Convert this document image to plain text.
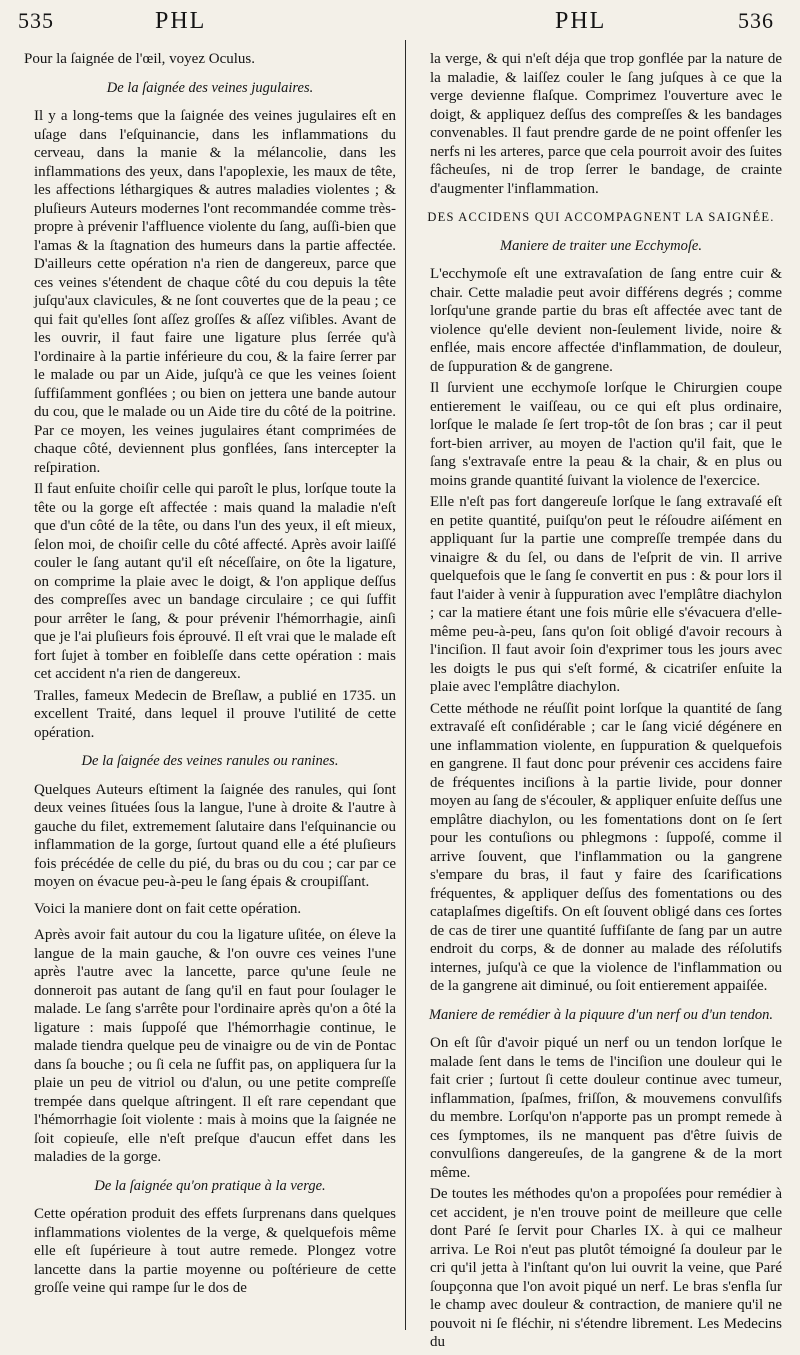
535	PHL	PHL	536

Pour la ſaignée de l'œil, voyez Oculus.

De la ſaignée des veines jugulaires.

Il y a long-tems que la ſaignée des veines jugulaires eſt en uſage dans l'eſquinancie, dans les inflammations du cerveau, dans la manie & la mélancolie, dans les inflammations des yeux, dans l'apoplexie, les maux de tête, les affections léthargiques & autres maladies violentes ; & pluſieurs Auteurs modernes l'ont recommandée comme très-propre à prévenir l'affluence violente du ſang, auſſi-bien que l'amas & la ſtagnation des humeurs dans la partie affectée. D'ailleurs cette opération n'a rien de dangereux, parce que ces veines s'étendent de chaque côté du cou depuis la tête juſqu'aux clavicules, & ne ſont couvertes que de la peau ; ce qui fait qu'elles ſont aſſez groſſes & aſſez viſibles. Avant de les ouvrir, il faut faire une ligature plus ſerrée qu'à l'ordinaire à la partie inférieure du cou, & la faire ſerrer par le malade ou par un Aide, juſqu'à ce que les veines ſoient ſuffiſamment gonflées ; ou bien on jettera une bande autour du cou, que le malade ou un Aide tire du côté de la poitrine. Par ce moyen, les veines jugulaires étant comprimées de chaque côté, deviennent plus gonflées, ſans intercepter la reſpiration.

Il faut enſuite choiſir celle qui paroît le plus, lorſque toute la tête ou la gorge eſt affectée : mais quand la maladie n'eſt que d'un côté de la tête, ou dans l'un des yeux, il eſt mieux, ſelon moi, de choiſir celle du côté affecté. Après avoir laiſſé couler le ſang autant qu'il eſt néceſſaire, on ôte la ligature, on comprime la plaie avec le doigt, & l'on applique deſſus des compreſſes avec un bandage circulaire ; ce qui ſuffit pour arrêter le ſang, & pour prévenir l'hémorrhagie, ainſi que je l'ai pluſieurs fois éprouvé. Il eſt vrai que le malade eſt fort ſujet à tomber en foibleſſe dans cette opération : mais cet accident n'a rien de dangereux.

Tralles, fameux Medecin de Breſlaw, a publié en 1735. un excellent Traité, dans lequel il prouve l'utilité de cette opération.

De la ſaignée des veines ranules ou ranines.

Quelques Auteurs eſtiment la ſaignée des ranules, qui ſont deux veines ſituées ſous la langue, l'une à droite & l'autre à gauche du filet, extremement ſalutaire dans l'eſquinancie ou inflammation de la gorge, ſurtout quand elle a été pluſieurs fois précédée de celle du pié, du bras ou du cou ; car par ce moyen on évacue peu-à-peu le ſang épais & croupiſſant.

Voici la maniere dont on fait cette opération.

Après avoir fait autour du cou la ligature uſitée, on éleve la langue de la main gauche, & l'on ouvre ces veines l'une après l'autre avec la lancette, parce qu'une ſeule ne donneroit pas autant de ſang qu'il en faut pour ſoulager le malade. Le ſang s'arrête pour l'ordinaire après qu'on a ôté la ligature : mais ſuppoſé que l'hémorrhagie continue, le malade tiendra quelque peu de vinaigre ou de vin de Pontac dans ſa bouche ; ou ſi cela ne ſuffit pas, on appliquera ſur la plaie un peu de vitriol ou d'alun, ou une petite compreſſe trempée dans quelque aſtringent. Il eſt rare cependant que l'hémorrhagie ſoit violente : mais à moins que la ſaignée ne ſoit copieuſe, elle n'eſt preſque d'aucun effet dans les maladies de la gorge.

De la ſaignée qu'on pratique à la verge.

Cette opération produit des effets ſurprenans dans quelques inflammations violentes de la verge, & quelquefois même elle eſt ſupérieure à tout autre remede. Plongez votre lancette dans la partie moyenne ou poſtérieure de cette groſſe veine qui rampe ſur le dos de

la verge, & qui n'eſt déja que trop gonflée par la nature de la maladie, & laiſſez couler le ſang juſques à ce que la verge devienne flaſque. Comprimez l'ouverture avec le doigt, & appliquez deſſus des compreſſes & les bandages convenables. Il faut prendre garde de ne point offenſer les nerfs ni les arteres, parce que cela pourroit avoir des ſuites fâcheuſes, ni de trop ſerrer le bandage, de crainte d'augmenter l'inflammation.

DES ACCIDENS QUI ACCOMPAGNENT LA SAIGNÉE.

Maniere de traiter une Ecchymoſe.

L'ecchymoſe eſt une extravaſation de ſang entre cuir & chair. Cette maladie peut avoir différens degrés ; comme lorſqu'une grande partie du bras eſt affectée avec tant de violence qu'elle devient non-ſeulement livide, noire & enflée, mais encore affectée d'inflammation, de douleur, de ſuppuration & de gangrene.

Il ſurvient une ecchymoſe lorſque le Chirurgien coupe entierement le vaiſſeau, ou ce qui eſt plus ordinaire, lorſque le malade ſe ſert trop-tôt de ſon bras ; car il peut fort-bien arriver, au moyen de l'action qu'il fait, que le ſang s'extravaſe entre la peau & la chair, & en plus ou moins grande quantité ſuivant la violence de l'exercice.

Elle n'eſt pas fort dangereuſe lorſque le ſang extravaſé eſt en petite quantité, puiſqu'on peut le réſoudre aiſément en appliquant ſur la partie une compreſſe trempée dans du vinaigre & du ſel, ou dans de l'eſprit de vin. Il arrive quelquefois que le ſang ſe convertit en pus : & pour lors il faut l'aider à venir à ſuppuration avec l'emplâtre diachylon ; car la matiere étant une fois mûrie elle s'évacuera d'elle-même peu-à-peu, ſans qu'on ſoit obligé d'avoir recours à l'inciſion. Il faut avoir ſoin d'exprimer tous les jours avec les doigts le pus qui s'eſt formé, & cicatriſer enſuite la plaie avec l'emplâtre diachylon.

Cette méthode ne réuſſit point lorſque la quantité de ſang extravaſé eſt conſidérable ; car le ſang vicié dégénere en une inflammation violente, en ſuppuration & quelquefois en gangrene. Il faut donc pour prévenir ces accidens faire de fréquentes inciſions à la partie livide, pour donner moyen au ſang de s'écouler, & appliquer enſuite deſſus une emplâtre diachylon, ou les fomentations dont on ſe ſert pour les contuſions ou phlegmons : ſuppoſé, comme il arrive ſouvent, que l'inflammation ou la gangrene s'empare du bras, il faut y faire des ſcarifications fréquentes, & appliquer deſſus des fomentations ou des cataplaſmes digeſtifs. On eſt ſouvent obligé dans ces ſortes de cas de tirer une quantité ſuffiſante de ſang par un autre endroit du corps, & de donner au malade des réſolutifs internes, juſqu'à ce que la violence de l'inflammation ou de la gangrene ait diminué, ou ſoit entierement appaiſée.

Maniere de remédier à la piquure d'un nerf ou d'un tendon.

On eſt ſûr d'avoir piqué un nerf ou un tendon lorſque le malade ſent dans le tems de l'inciſion une douleur qui le fait crier ; ſurtout ſi cette douleur continue avec tumeur, inflammation, ſpaſmes, friſſon, & mouvemens convulſifs du membre. Lorſqu'on n'apporte pas un prompt remede à ces ſymptomes, ils ne manquent pas d'être ſuivis de convulſions dangereuſes, de la gangrene & de la mort même.

De toutes les méthodes qu'on a propoſées pour remédier à cet accident, je n'en trouve point de meilleure que celle dont Paré ſe ſervit pour Charles IX. à qui ce malheur arriva. Le Roi n'eut pas plutôt témoigné ſa douleur par le cri qu'il jetta à l'inſtant qu'on lui ouvrit la veine, que Paré ſoupçonna que l'on avoit piqué un nerf. Le bras s'enfla ſur le champ avec douleur & contraction, de maniere qu'il ne pouvoit ni ſe fléchir, ni s'étendre librement. Les Medecins du
